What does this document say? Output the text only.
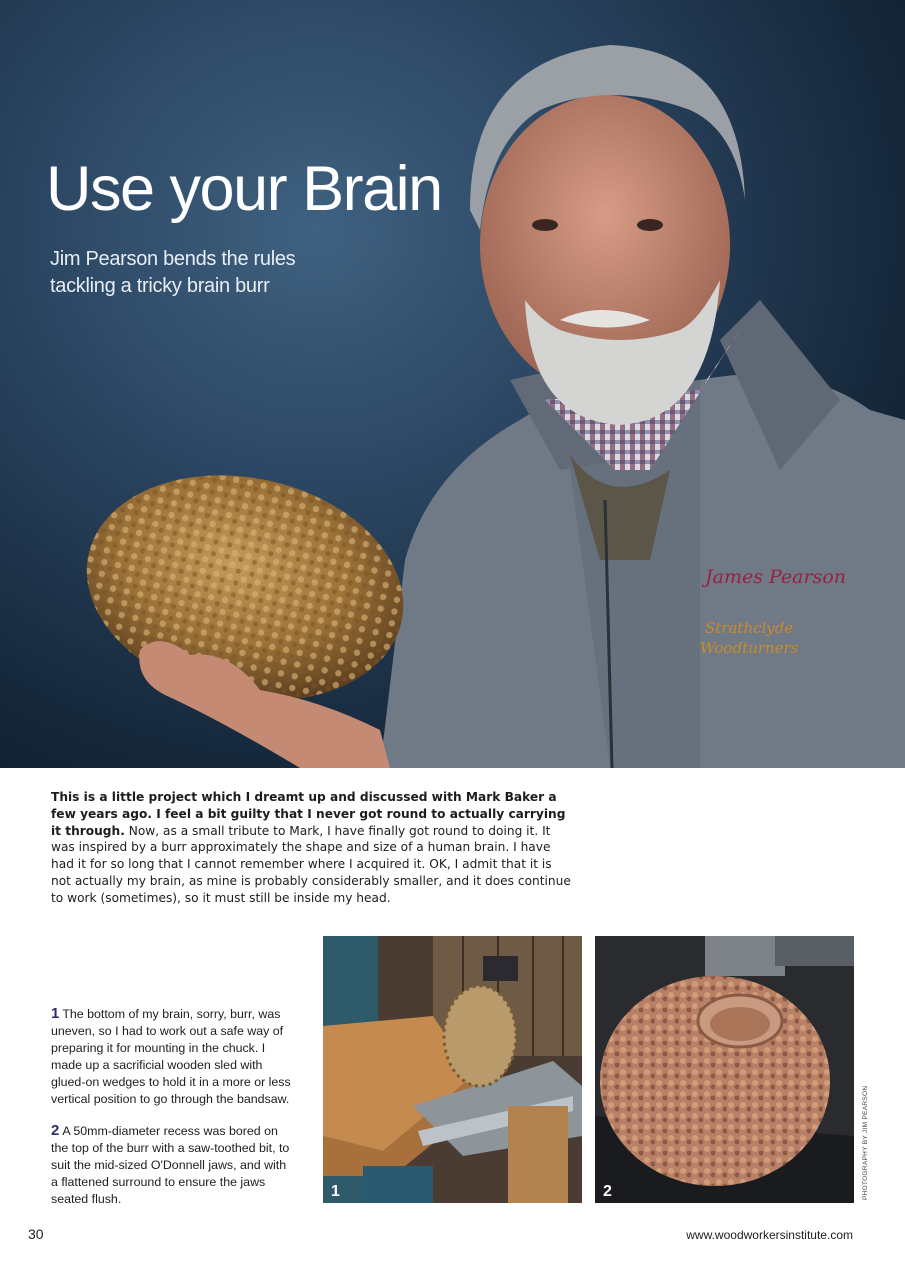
James Pearson
Strathclyde
Woodturners
Use your Brain
Jim Pearson bends the rules
tackling a tricky brain burr
This is a little project which I dreamt up and discussed with Mark Baker a few years ago. I feel a bit guilty that I never got round to actually carrying it through. Now, as a small tribute to Mark, I have finally got round to doing it. It was inspired by a burr approximately the shape and size of a human brain. I have had it for so long that I cannot remember where I acquired it. OK, I admit that it is not actually my brain, as mine is probably considerably smaller, and it does continue to work (sometimes), so it must still be inside my head.

1 The bottom of my brain, sorry, burr, was uneven, so I had to work out a safe way of preparing it for mounting in the chuck. I made up a sacrificial wooden sled with glued-on wedges to hold it in a more or less vertical position to go through the bandsaw.

2 A 50mm-diameter recess was bored on the top of the burr with a saw-toothed bit, to suit the mid-sized O'Donnell jaws, and with a flattened surround to ensure the jaws seated flush.	1	2	PHOTOGRAPHY BY JIM PEARSON
30	www.woodworkersinstitute.com
